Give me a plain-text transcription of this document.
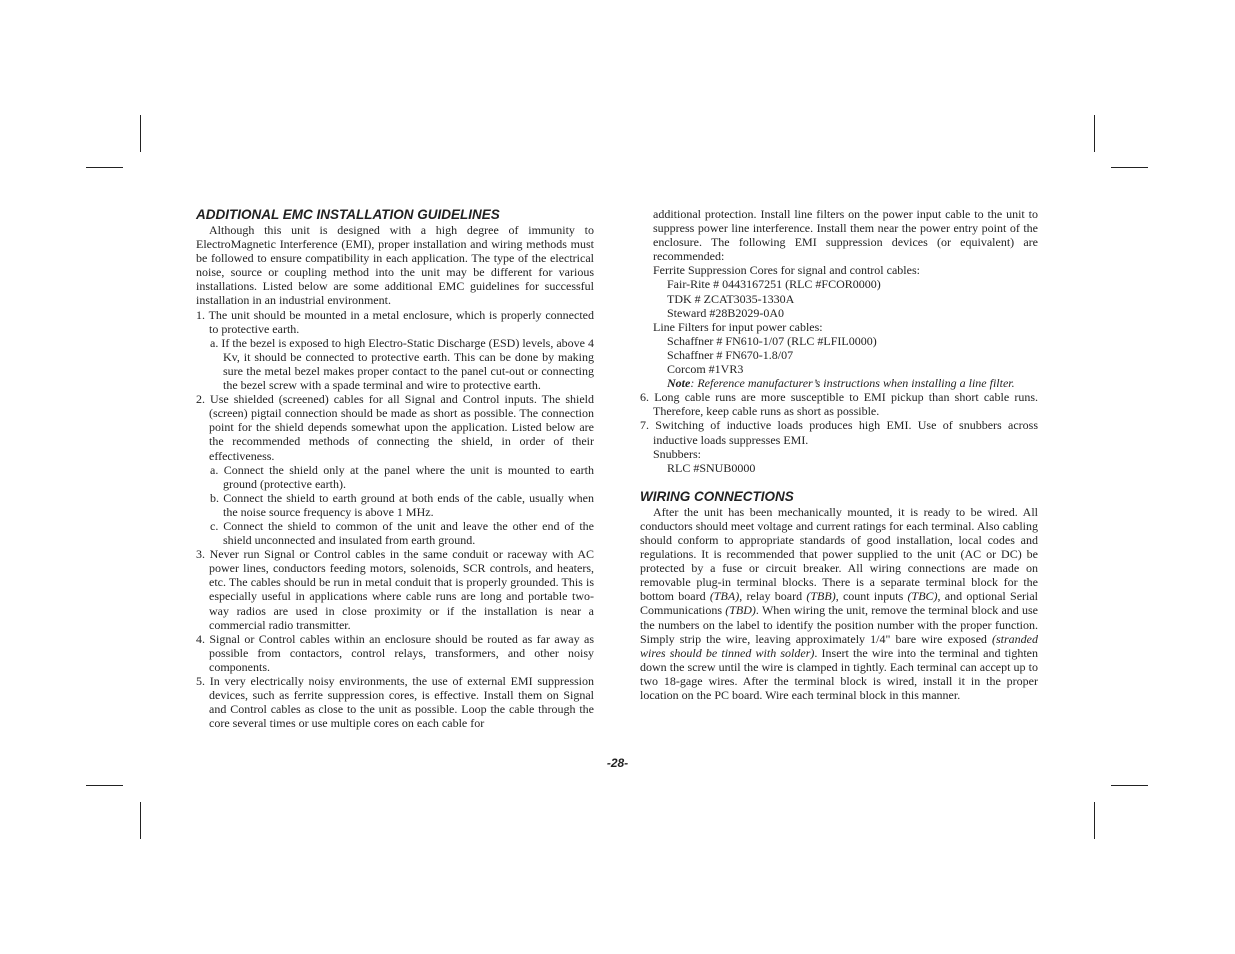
ADDITIONAL EMC INSTALLATION GUIDELINES

Although this unit is designed with a high degree of immunity to ElectroMagnetic Interference (EMI), proper installation and wiring methods must be followed to ensure compatibility in each application. The type of the electrical noise, source or coupling method into the unit may be different for various installations. Listed below are some additional EMC guidelines for successful installation in an industrial environment.

1. The unit should be mounted in a metal enclosure, which is properly connected to protective earth.

a. If the bezel is exposed to high Electro-Static Discharge (ESD) levels, above 4 Kv, it should be connected to protective earth. This can be done by making sure the metal bezel makes proper contact to the panel cut-out or connecting the bezel screw with a spade terminal and wire to protective earth.

2. Use shielded (screened) cables for all Signal and Control inputs. The shield (screen) pigtail connection should be made as short as possible. The connection point for the shield depends somewhat upon the application. Listed below are the recommended methods of connecting the shield, in order of their effectiveness.

a. Connect the shield only at the panel where the unit is mounted to earth ground (protective earth).

b. Connect the shield to earth ground at both ends of the cable, usually when the noise source frequency is above 1 MHz.

c. Connect the shield to common of the unit and leave the other end of the shield unconnected and insulated from earth ground.

3. Never run Signal or Control cables in the same conduit or raceway with AC power lines, conductors feeding motors, solenoids, SCR controls, and heaters, etc. The cables should be run in metal conduit that is properly grounded. This is especially useful in applications where cable runs are long and portable two-way radios are used in close proximity or if the installation is near a commercial radio transmitter.

4. Signal or Control cables within an enclosure should be routed as far away as possible from contactors, control relays, transformers, and other noisy components.

5. In very electrically noisy environments, the use of external EMI suppression devices, such as ferrite suppression cores, is effective. Install them on Signal and Control cables as close to the unit as possible. Loop the cable through the core several times or use multiple cores on each cable for

additional protection. Install line filters on the power input cable to the unit to suppress power line interference. Install them near the power entry point of the enclosure. The following EMI suppression devices (or equivalent) are recommended:

Ferrite Suppression Cores for signal and control cables:

Fair-Rite # 0443167251 (RLC #FCOR0000)

TDK # ZCAT3035-1330A

Steward #28B2029-0A0

Line Filters for input power cables:

Schaffner # FN610-1/07 (RLC #LFIL0000)

Schaffner # FN670-1.8/07

Corcom #1VR3

Note: Reference manufacturer’s instructions when installing a line filter.

6. Long cable runs are more susceptible to EMI pickup than short cable runs. Therefore, keep cable runs as short as possible.

7. Switching of inductive loads produces high EMI. Use of snubbers across inductive loads suppresses EMI.

Snubbers:

RLC #SNUB0000

WIRING CONNECTIONS

After the unit has been mechanically mounted, it is ready to be wired. All conductors should meet voltage and current ratings for each terminal. Also cabling should conform to appropriate standards of good installation, local codes and regulations. It is recommended that power supplied to the unit (AC or DC) be protected by a fuse or circuit breaker. All wiring connections are made on removable plug-in terminal blocks. There is a separate terminal block for the bottom board (TBA), relay board (TBB), count inputs (TBC), and optional Serial Communications (TBD). When wiring the unit, remove the terminal block and use the numbers on the label to identify the position number with the proper function. Simply strip the wire, leaving approximately 1/4" bare wire exposed (stranded wires should be tinned with solder). Insert the wire into the terminal and tighten down the screw until the wire is clamped in tightly. Each terminal can accept up to two 18-gage wires. After the terminal block is wired, install it in the proper location on the PC board. Wire each terminal block in this manner.

-28-
